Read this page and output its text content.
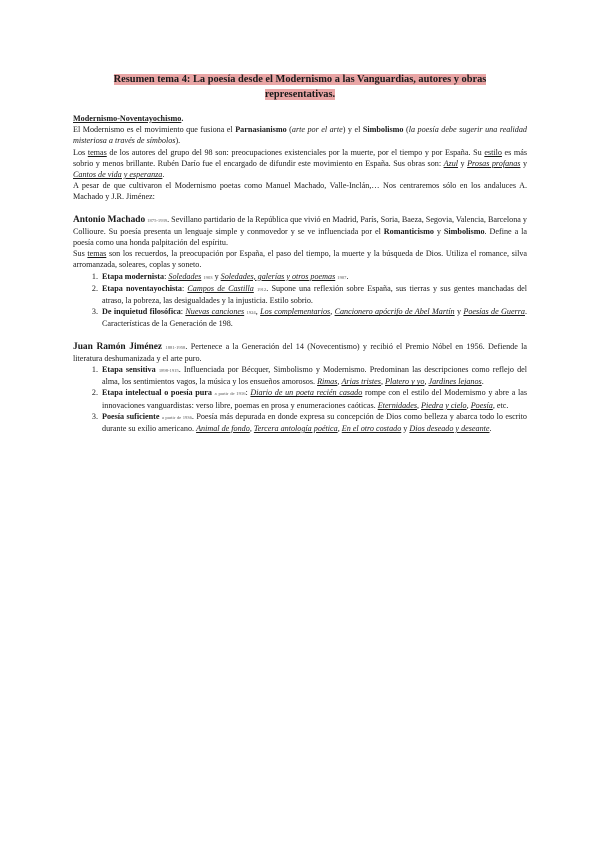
Resumen tema 4: La poesía desde el Modernismo a las Vanguardias, autores y obras
representativas.

Modernismo-Noventayochismo.

El Modernismo es el movimiento que fusiona el Parnasianismo (arte por el arte) y el Simbolismo (la poesía debe sugerir una realidad misteriosa a través de símbolos).

Los temas de los autores del grupo del 98 son: preocupaciones existenciales por la muerte, por el tiempo y por España. Su estilo es más sobrio y menos brillante. Rubén Darío fue el encargado de difundir este movimiento en España. Sus obras son: Azul y Prosas profanas y Cantos de vida y esperanza.

A pesar de que cultivaron el Modernismo poetas como Manuel Machado, Valle-Inclán,… Nos centraremos sólo en los andaluces A. Machado y J.R. Jiménez:

Antonio Machado 1875-1939. Sevillano partidario de la República que vivió en Madrid, París, Soria, Baeza, Segovia, Valencia, Barcelona y Collioure. Su poesía presenta un lenguaje simple y conmovedor y se ve influenciada por el Romanticismo y Simbolismo. Define a la poesía como una honda palpitación del espíritu.

Sus temas son los recuerdos, la preocupación por España, el paso del tiempo, la muerte y la búsqueda de Dios. Utiliza el romance, silva arromanzada, soleares, coplas y soneto.

1. Etapa modernista: Soledades 1903 y Soledades, galerías y otros poemas 1907.
2. Etapa noventayochista: Campos de Castilla 1912. Supone una reflexión sobre España, sus tierras y sus gentes manchadas del atraso, la pobreza, las desigualdades y la injusticia. Estilo sobrio.
3. De inquietud filosófica: Nuevas canciones 1924, Los complementarios, Cancionero apócrifo de Abel Martín y Poesías de Guerra. Características de la Generación de 198.

Juan Ramón Jiménez 1881-1958. Pertenece a la Generación del 14 (Novecentismo) y recibió el Premio Nóbel en 1956. Defiende la literatura deshumanizada y el arte puro.

1. Etapa sensitiva 1898-1915. Influenciada por Bécquer, Simbolismo y Modernismo. Predominan las descripciones como reflejo del alma, los sentimientos vagos, la música y los ensueños amorosos. Rimas, Arias tristes, Platero y yo, Jardines lejanos.
2. Etapa intelectual o poesía pura a partir de 1916: Diario de un poeta recién casado rompe con el estilo del Modernismo y abre a las innovaciones vanguardistas: verso libre, poemas en prosa y enumeraciones caóticas. Eternidades, Piedra y cielo, Poesía, etc.
3. Poesía suficiente a partir de 1936. Poesía más depurada en donde expresa su concepción de Dios como belleza y abarca todo lo escrito durante su exilio americano. Animal de fondo, Tercera antología poética, En el otro costado y Dios deseado y deseante.
